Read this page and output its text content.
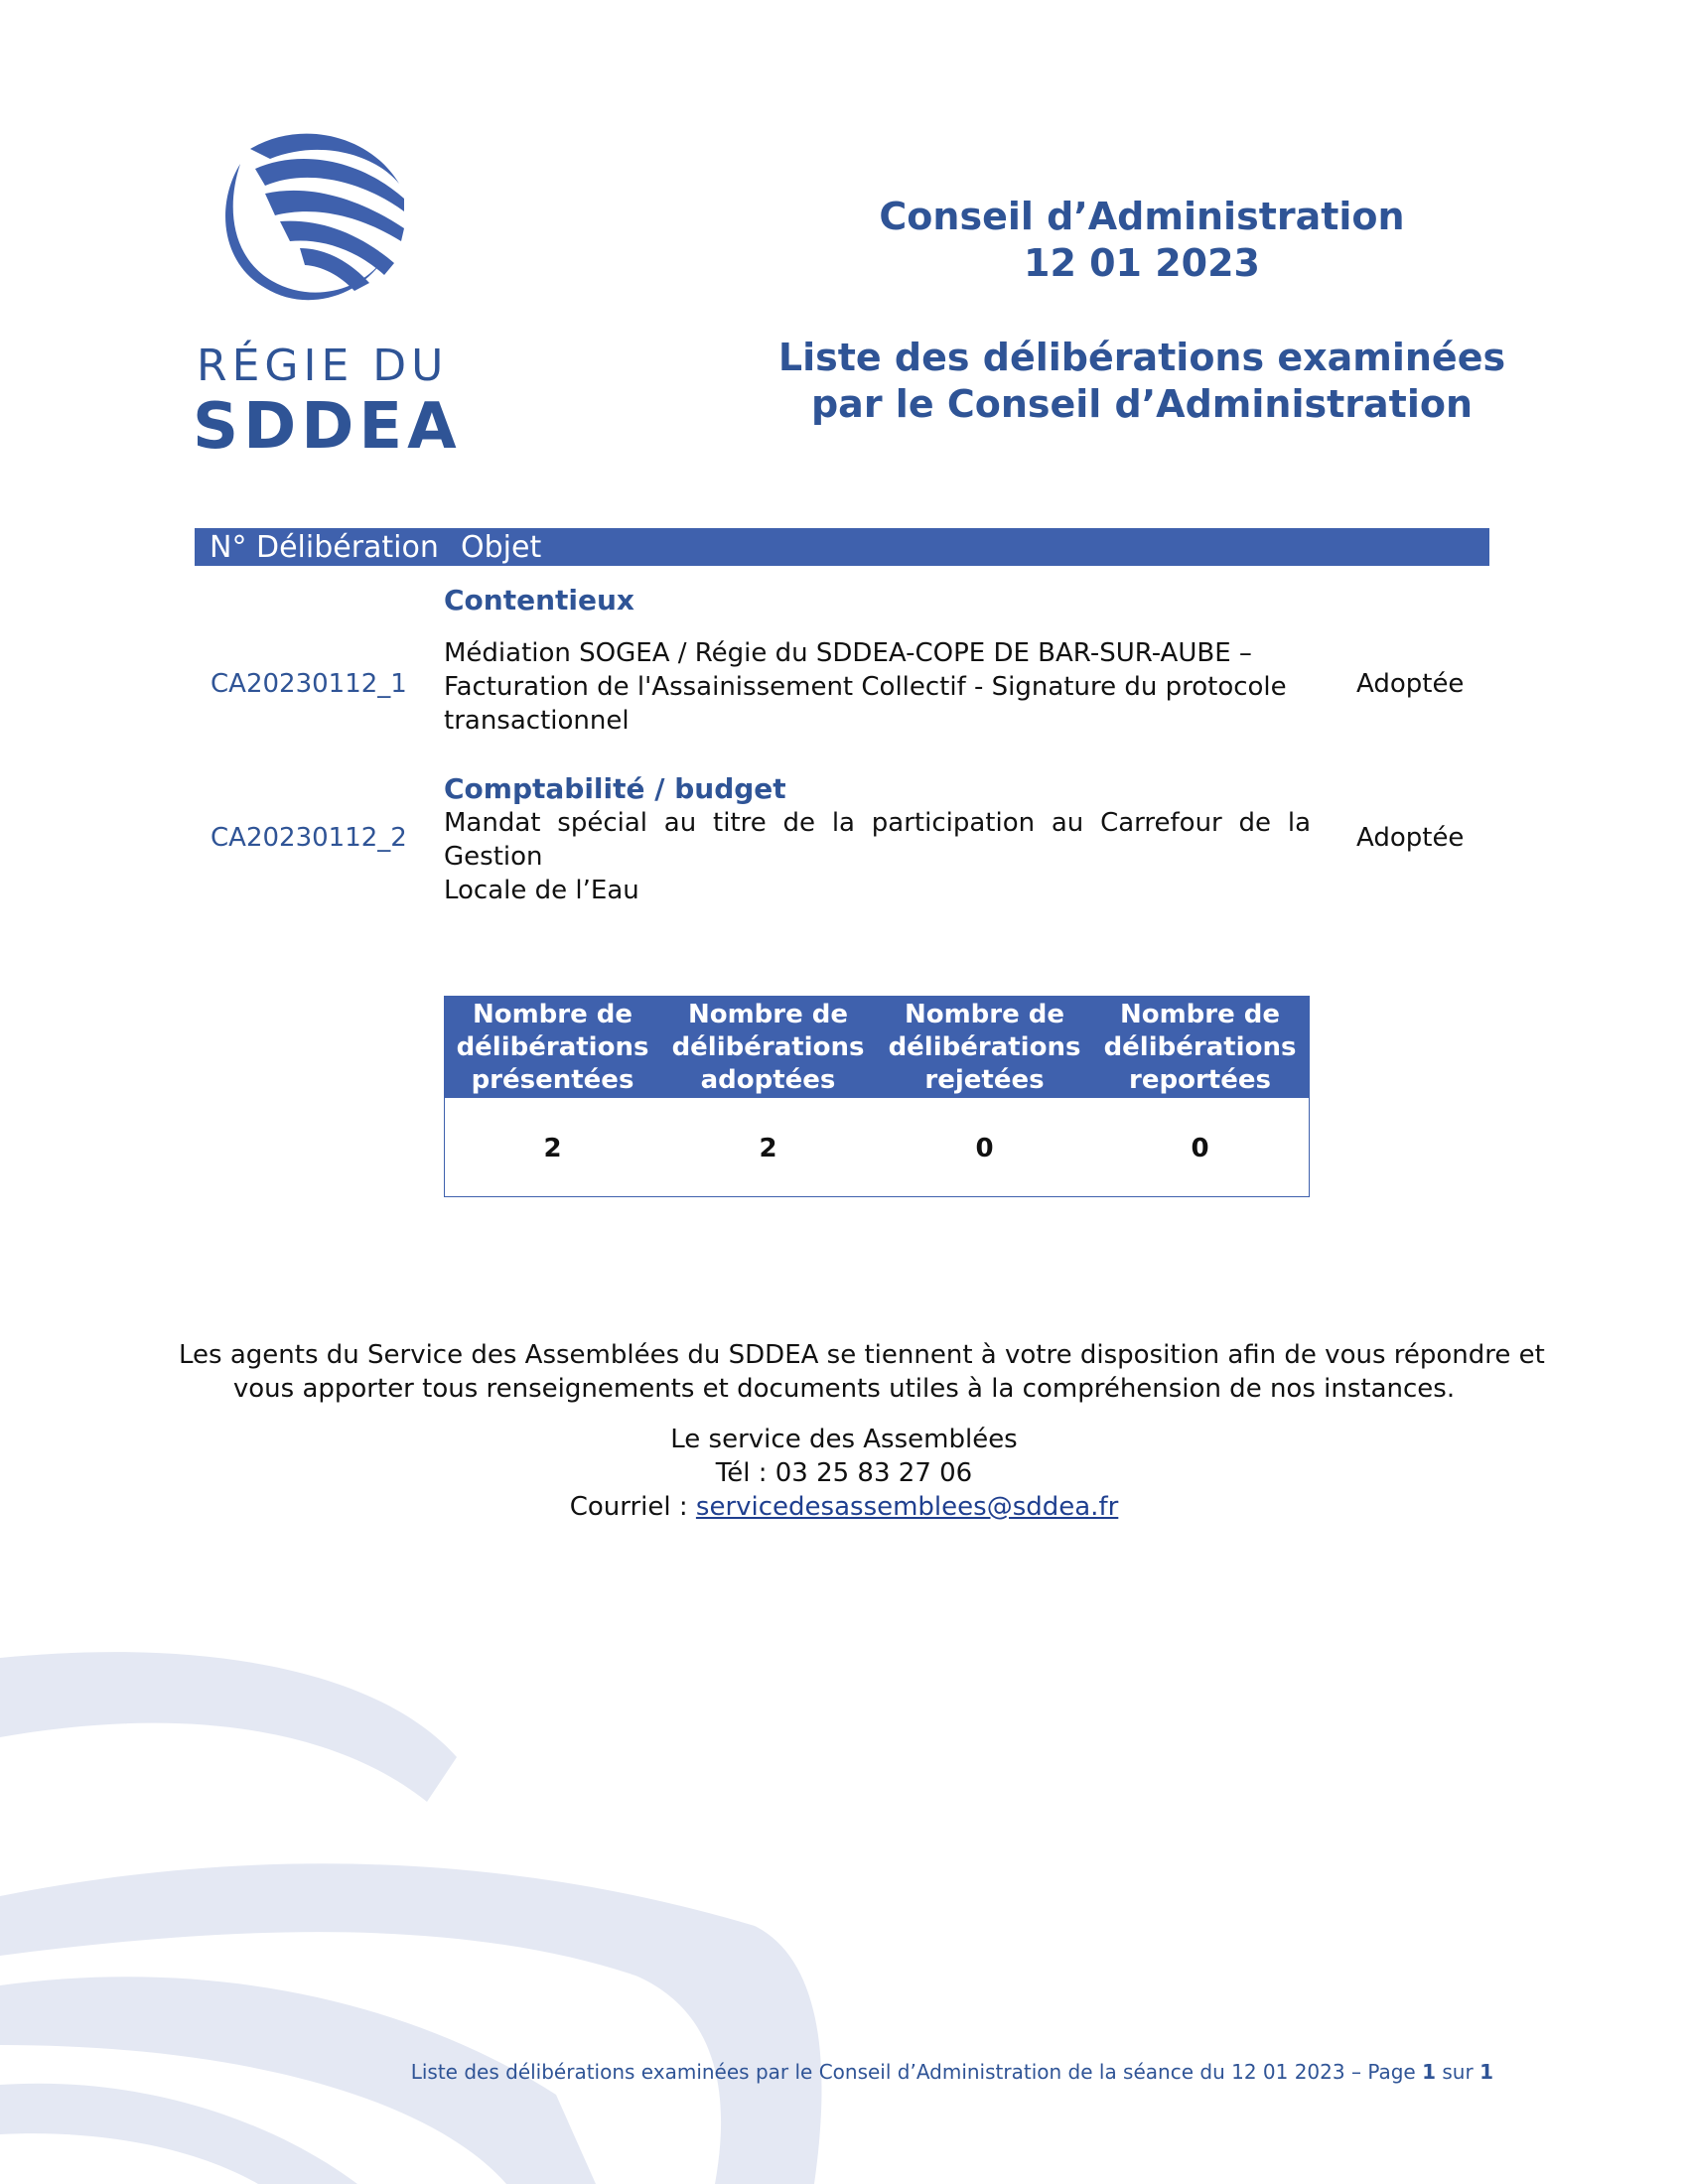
RÉGIE DU
SDDEA
Conseil d’Administration
12 01 2023
Liste des délibérations examinées
par le Conseil d’Administration
N° Délibération Objet
Contentieux
CA20230112_1
Médiation SOGEA / Régie du SDDEA-COPE DE BAR-SUR-AUBE –
Facturation de l'Assainissement Collectif - Signature du protocole
transactionnel
Adoptée
Comptabilité / budget
CA20230112_2 Mandat spécial au titre de la participation au Carrefour de la Gestion
Locale de l’Eau
Adoptée
Nombre de
délibérations
présentées
2
Nombre de
délibérations
adoptées
2
Nombre de
délibérations
rejetées
0
Nombre de
délibérations
reportées
0
Les agents du Service des Assemblées du SDDEA se tiennent à votre disposition afin de vous répondre et
vous apporter tous renseignements et documents utiles à la compréhension de nos instances.
Le service des Assemblées
Tél : 03 25 83 27 06
Courriel : servicedesassemblees@sddea.fr
Liste des délibérations examinées par le Conseil d’Administration de la séance du 12 01 2023 – Page 1 sur 1
